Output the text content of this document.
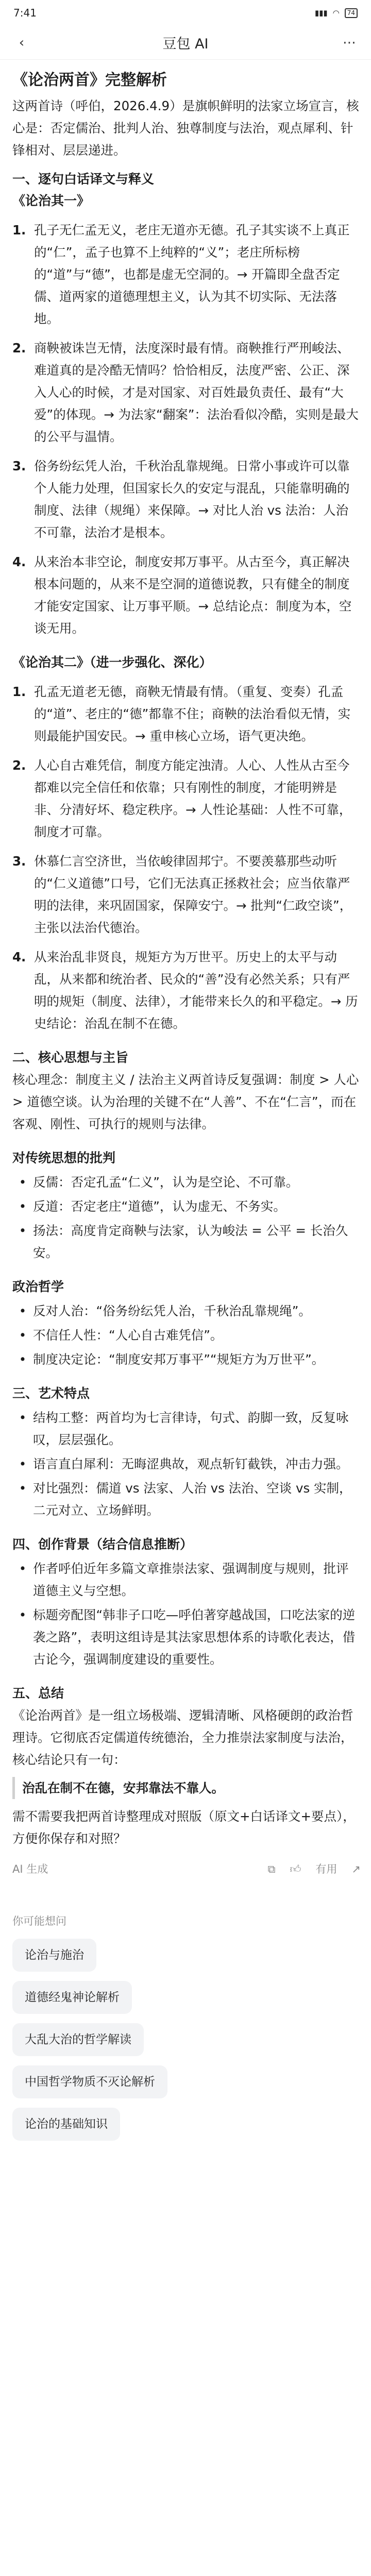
7:41	▮▮▮ ◠	74
‹	豆包 AI	⋯
《论治两首》完整解析

这两首诗（呼伯，2026.4.9）是旗帜鲜明的法家立场宣言，核心是：否定儒治、批判人治、独尊制度与法治，观点犀利、针锋相对、层层递进。

一、逐句白话译文与释义
《论治其一》
1. 孔子无仁孟无义，老庄无道亦无德。孔子其实谈不上真正的“仁”，孟子也算不上纯粹的“义”；老庄所标榜的“道”与“德”，也都是虚无空洞的。→ 开篇即全盘否定儒、道两家的道德理想主义，认为其不切实际、无法落地。
2. 商鞅被诛岂无情，法度深时最有情。商鞅推行严刑峻法、难道真的是冷酷无情吗？恰恰相反，法度严密、公正、深入人心的时候，才是对国家、对百姓最负责任、最有“大爱”的体现。→ 为法家“翻案”：法治看似冷酷，实则是最大的公平与温情。
3. 俗务纷纭凭人治，千秋治乱靠规绳。日常小事或许可以靠个人能力处理，但国家长久的安定与混乱，只能靠明确的制度、法律（规绳）来保障。→ 对比人治 vs 法治：人治不可靠，法治才是根本。
4. 从来治本非空论，制度安邦万事平。从古至今，真正解决根本问题的，从来不是空洞的道德说教，只有健全的制度才能安定国家、让万事平顺。→ 总结论点：制度为本，空谈无用。
《论治其二》（进一步强化、深化）
1. 孔孟无道老无德，商鞅无情最有情。（重复、变奏）孔孟的“道”、老庄的“德”都靠不住；商鞅的法治看似无情，实则最能护国安民。→ 重申核心立场，语气更决绝。
2. 人心自古难凭信，制度方能定浊清。人心、人性从古至今都难以完全信任和依靠；只有刚性的制度，才能明辨是非、分清好坏、稳定秩序。→ 人性论基础：人性不可靠，制度才可靠。
3. 休慕仁言空济世，当依峻律固邦宁。不要羡慕那些动听的“仁义道德”口号，它们无法真正拯救社会；应当依靠严明的法律，来巩固国家，保障安宁。→ 批判“仁政空谈”，主张以法治代德治。
4. 从来治乱非贤良，规矩方为万世平。历史上的太平与动乱，从来都和统治者、民众的“善”没有必然关系；只有严明的规矩（制度、法律），才能带来长久的和平稳定。→ 历史结论：治乱在制不在德。
二、核心思想与主旨

核心理念：制度主义 / 法治主义两首诗反复强调：制度 > 人心 > 道德空谈。认为治理的关键不在“人善”、不在“仁言”，而在客观、刚性、可执行的规则与法律。

对传统思想的批判
• 反儒：否定孔孟“仁义”，认为是空论、不可靠。
• 反道：否定老庄“道德”，认为虚无、不务实。
• 扬法：高度肯定商鞅与法家，认为峻法 = 公平 = 长治久安。
政治哲学
• 反对人治：“俗务纷纭凭人治，千秋治乱靠规绳”。
• 不信任人性：“人心自古难凭信”。
• 制度决定论：“制度安邦万事平”“规矩方为万世平”。
三、艺术特点
• 结构工整：两首均为七言律诗，句式、韵脚一致，反复咏叹，层层强化。
• 语言直白犀利：无晦涩典故，观点斩钉截铁，冲击力强。
• 对比强烈：儒道 vs 法家、人治 vs 法治、空谈 vs 实制，二元对立、立场鲜明。
四、创作背景（结合信息推断）
• 作者呼伯近年多篇文章推崇法家、强调制度与规则，批评道德主义与空想。
• 标题旁配图“韩非子口吃—呼伯著穿越战国，口吃法家的逆袭之路”，表明这组诗是其法家思想体系的诗歌化表达，借古论今，强调制度建设的重要性。
五、总结

《论治两首》是一组立场极端、逻辑清晰、风格硬朗的政治哲理诗。它彻底否定儒道传统德治，全力推崇法家制度与法治，核心结论只有一句：

治乱在制不在德，安邦靠法不靠人。

需不需要我把两首诗整理成对照版（原文+白话译文+要点），方便你保存和对照？

AI 生成	⧉ 👍︎ 有用 ↗
你可能想问
论治与施治
道德经鬼神论解析
大乱大治的哲学解读
中国哲学物质不灭论解析
论治的基础知识
